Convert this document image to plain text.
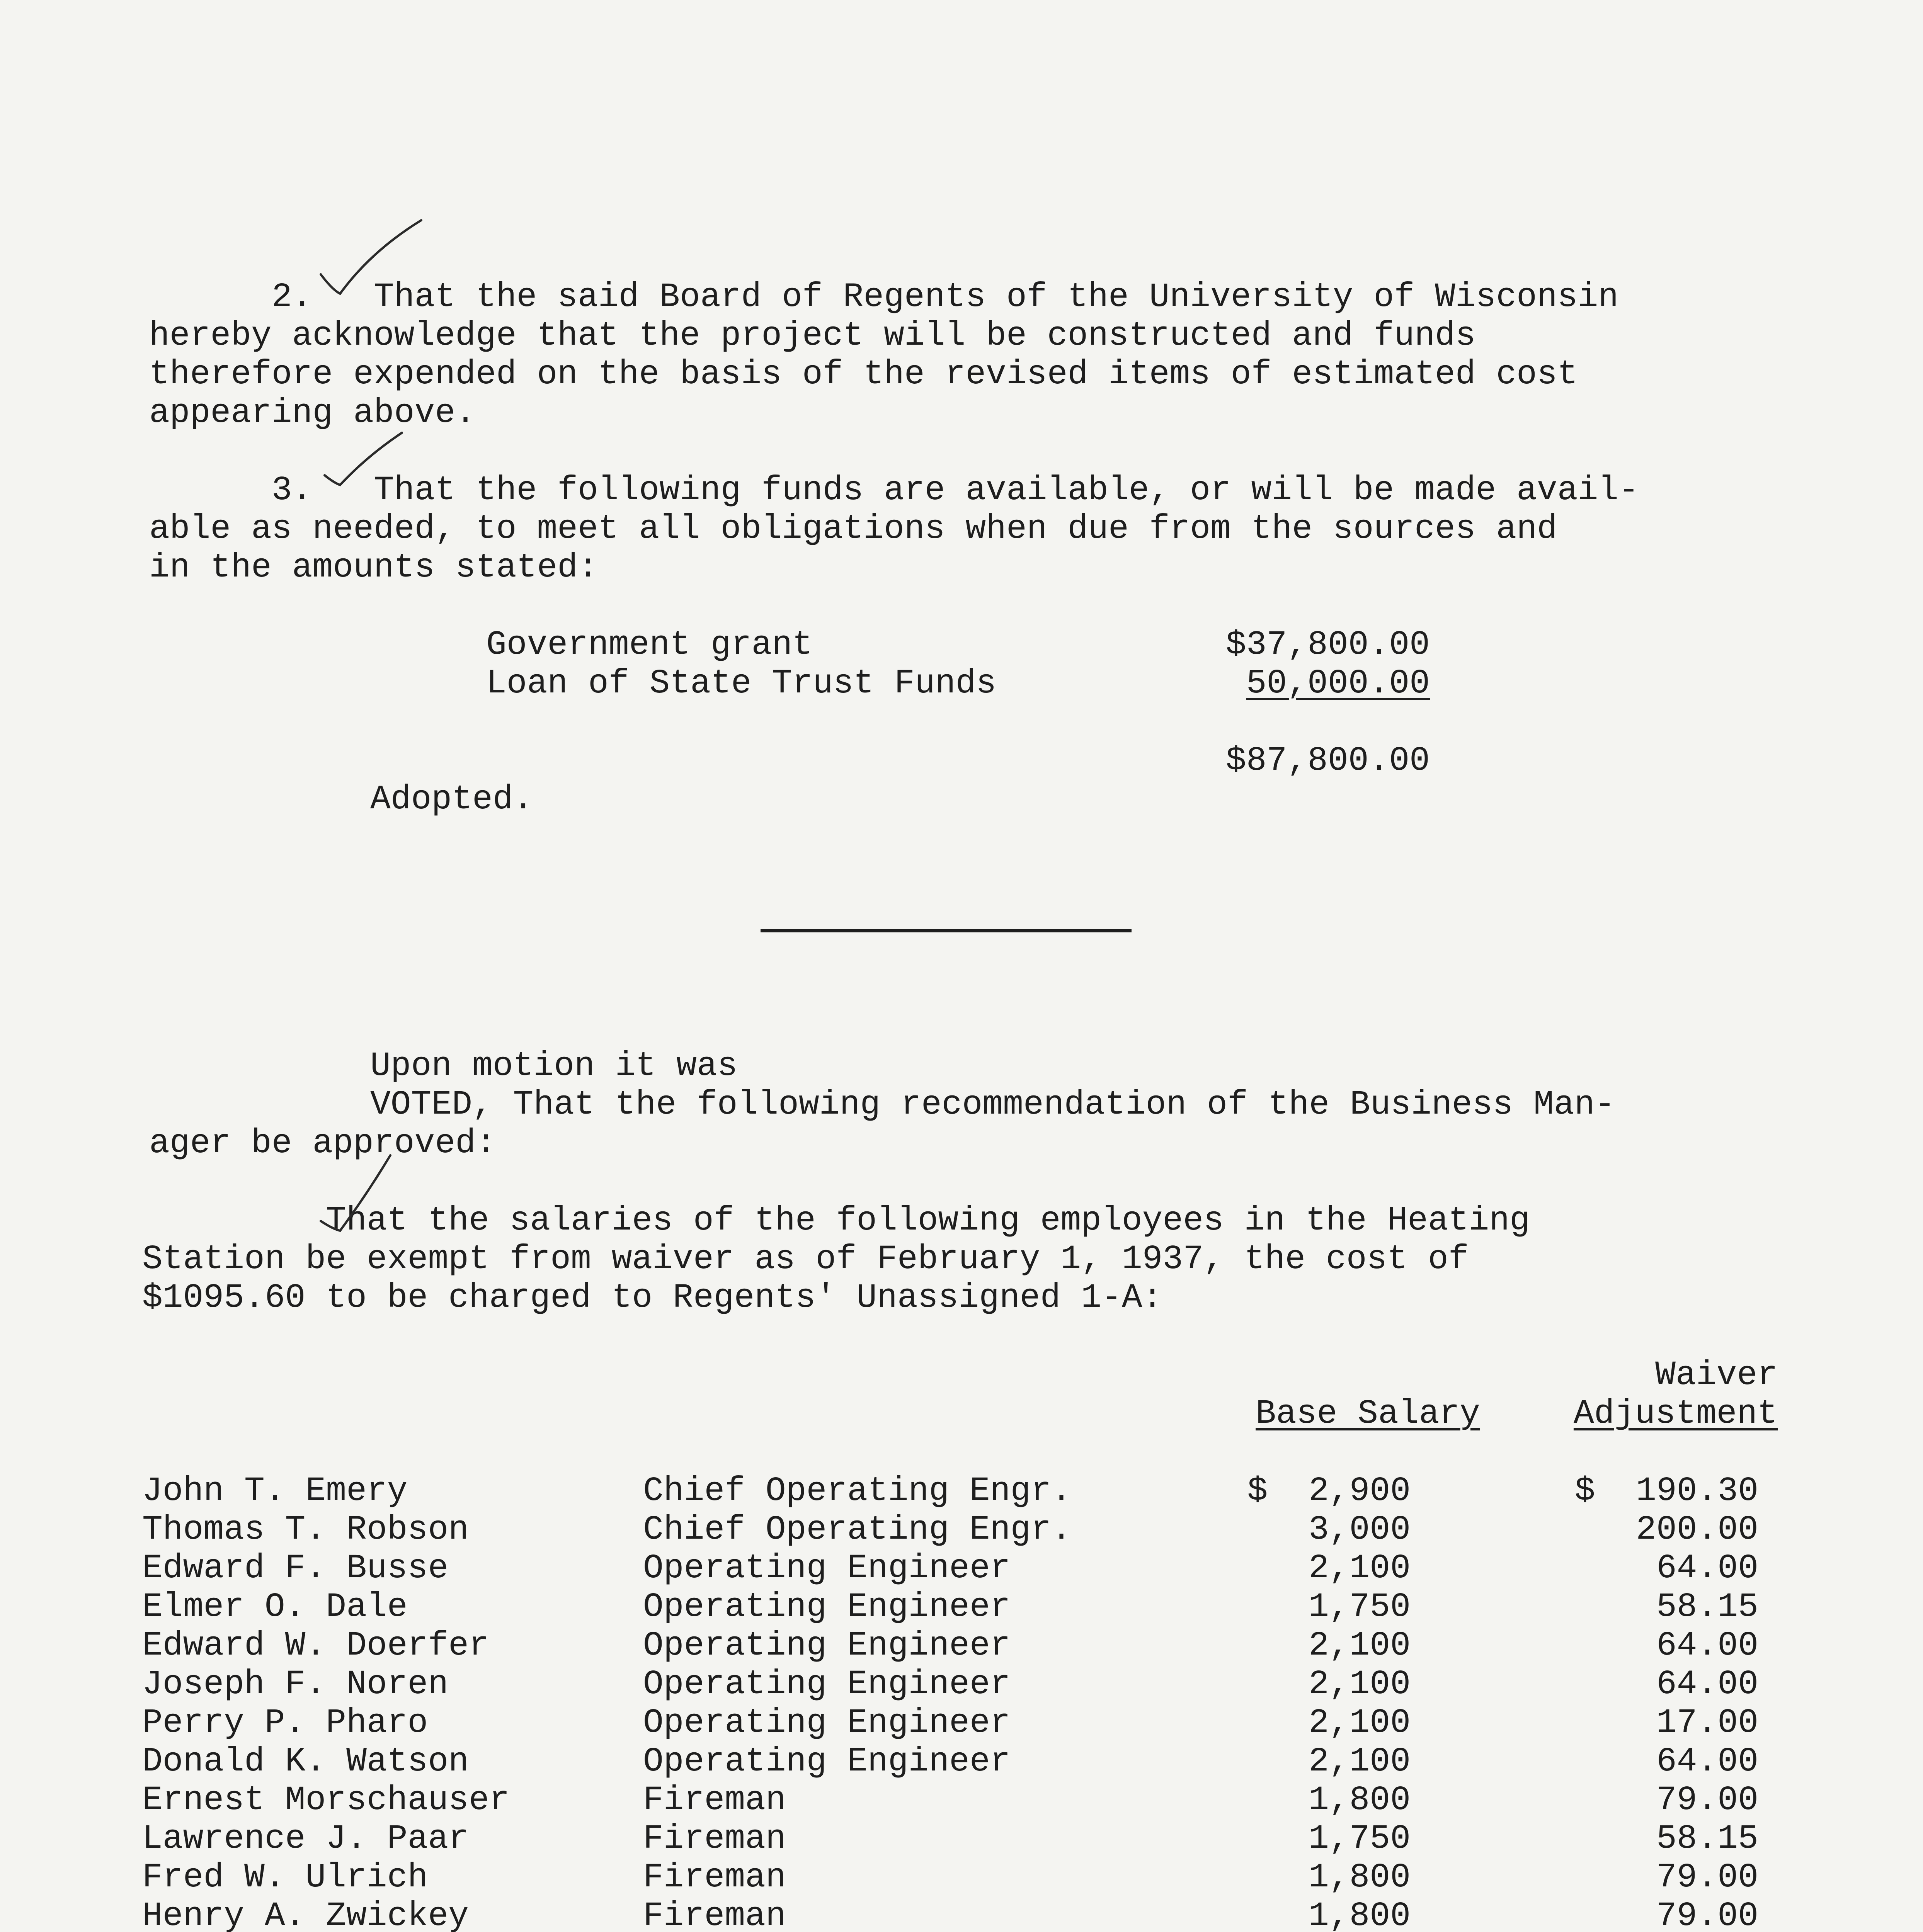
2.   That the said Board of Regents of the University of Wisconsin

hereby acknowledge that the project will be constructed and funds

therefore expended on the basis of the revised items of estimated cost

appearing above.

3.   That the following funds are available, or will be made avail-

able as needed, to meet all obligations when due from the sources and

in the amounts stated:

Government grant	$37,800.00

Loan of State Trust Funds	50,000.00

$87,800.00

Adopted.

Upon motion it was

VOTED, That the following recommendation of the Business Man-

ager be approved:

That the salaries of the following employees in the Heating

Station be exempt from waiver as of February 1, 1937, the cost of

$1095.60 to be charged to Regents' Unassigned 1-A:

Waiver

Base Salary	Adjustment

John T. Emery	Chief Operating Engr.	$  2,900	$  190.30

Thomas T. Robson	Chief Operating Engr.	3,000	200.00

Edward F. Busse	Operating Engineer	2,100	64.00

Elmer O. Dale	Operating Engineer	1,750	58.15

Edward W. Doerfer	Operating Engineer	2,100	64.00

Joseph F. Noren	Operating Engineer	2,100	64.00

Perry P. Pharo	Operating Engineer	2,100	17.00

Donald K. Watson	Operating Engineer	2,100	64.00

Ernest Morschauser	Fireman	1,800	79.00

Lawrence J. Paar	Fireman	1,750	58.15

Fred W. Ulrich	Fireman	1,800	79.00

Henry A. Zwickey	Fireman	1,800	79.00
